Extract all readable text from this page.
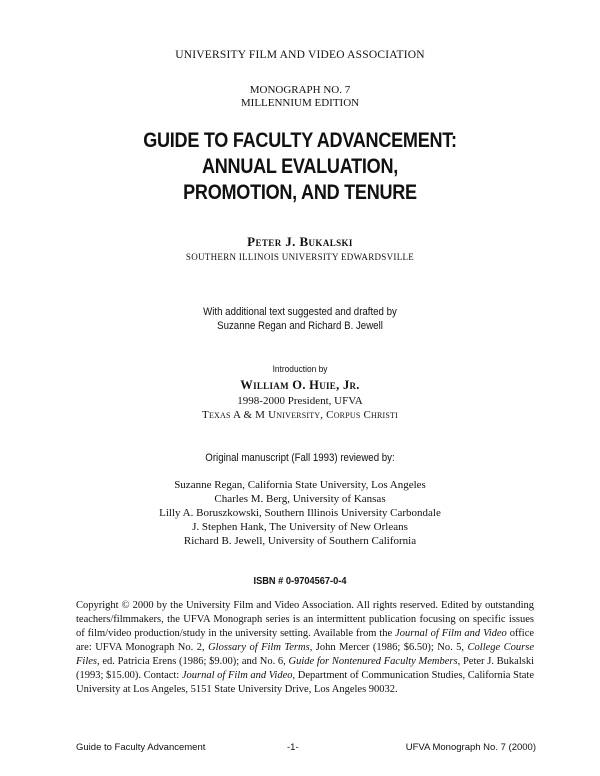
UNIVERSITY FILM AND VIDEO ASSOCIATION
MONOGRAPH NO. 7
MILLENNIUM EDITION
GUIDE TO FACULTY ADVANCEMENT:
ANNUAL EVALUATION,
PROMOTION, AND TENURE
Peter J. Bukalski
SOUTHERN ILLINOIS UNIVERSITY EDWARDSVILLE
With additional text suggested and drafted by
Suzanne Regan and Richard B. Jewell
Introduction by
William O. Huie, Jr.
1998-2000 President, UFVA
Texas A & M University, Corpus Christi
Original manuscript (Fall 1993) reviewed by:
Suzanne Regan, California State University, Los Angeles
Charles M. Berg, University of Kansas
Lilly A. Boruszkowski, Southern Illinois University Carbondale
J. Stephen Hank, The University of New Orleans
Richard B. Jewell, University of Southern California
ISBN # 0-9704567-0-4
Copyright © 2000 by the University Film and Video Association. All rights reserved. Edited by outstanding teachers/filmmakers, the UFVA Monograph series is an intermittent publication focusing on specific issues of film/video production/study in the university setting. Available from the Journal of Film and Video office are: UFVA Monograph No. 2, Glossary of Film Terms, John Mercer (1986; $6.50); No. 5, College Course Files, ed. Patricia Erens (1986; $9.00); and No. 6, Guide for Nontenured Faculty Members, Peter J. Bukalski (1993; $15.00). Contact: Journal of Film and Video, Department of Communication Studies, California State University at Los Angeles, 5151 State University Drive, Los Angeles 90032.
Guide to Faculty Advancement	-1-	UFVA Monograph No. 7 (2000)
